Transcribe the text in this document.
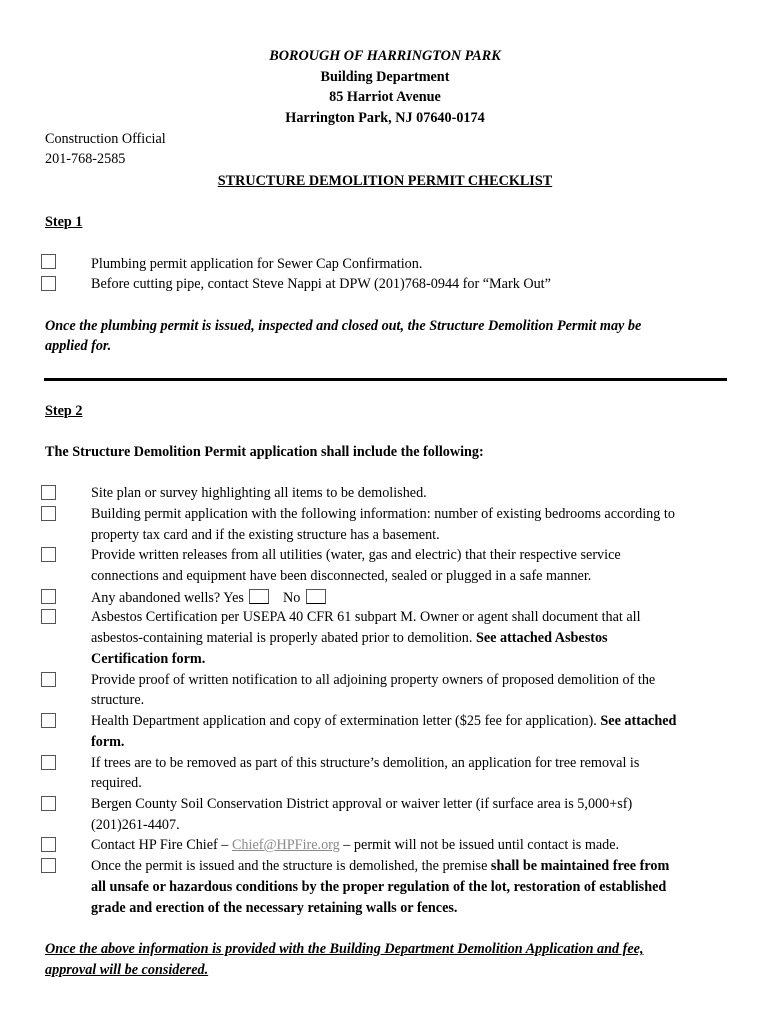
BOROUGH OF HARRINGTON PARK
Building Department
85 Harriot Avenue
Harrington Park, NJ 07640-0174
Construction Official
201-768-2585
STRUCTURE DEMOLITION PERMIT CHECKLIST
Step 1
Plumbing permit application for Sewer Cap Confirmation.
Before cutting pipe, contact Steve Nappi at DPW (201)768-0944 for “Mark Out”
Once the plumbing permit is issued, inspected and closed out, the Structure Demolition Permit may be
applied for.
Step 2
The Structure Demolition Permit application shall include the following:
Site plan or survey highlighting all items to be demolished.
Building permit application with the following information: number of existing bedrooms according to
property tax card and if the existing structure has a basement.
Provide written releases from all utilities (water, gas and electric) that their respective service
connections and equipment have been disconnected, sealed or plugged in a safe manner.
Any abandoned wells? Yes	No
Asbestos Certification per USEPA 40 CFR 61 subpart M. Owner or agent shall document that all
asbestos-containing material is properly abated prior to demolition. See attached Asbestos
Certification form.
Provide proof of written notification to all adjoining property owners of proposed demolition of the
structure.
Health Department application and copy of extermination letter ($25 fee for application). See attached
form.
If trees are to be removed as part of this structure’s demolition, an application for tree removal is
required.
Bergen County Soil Conservation District approval or waiver letter (if surface area is 5,000+sf)
(201)261-4407.
Contact HP Fire Chief – Chief@HPFire.org – permit will not be issued until contact is made.
Once the permit is issued and the structure is demolished, the premise shall be maintained free from
all unsafe or hazardous conditions by the proper regulation of the lot, restoration of established
grade and erection of the necessary retaining walls or fences.
Once the above information is provided with the Building Department Demolition Application and fee,
approval will be considered.
